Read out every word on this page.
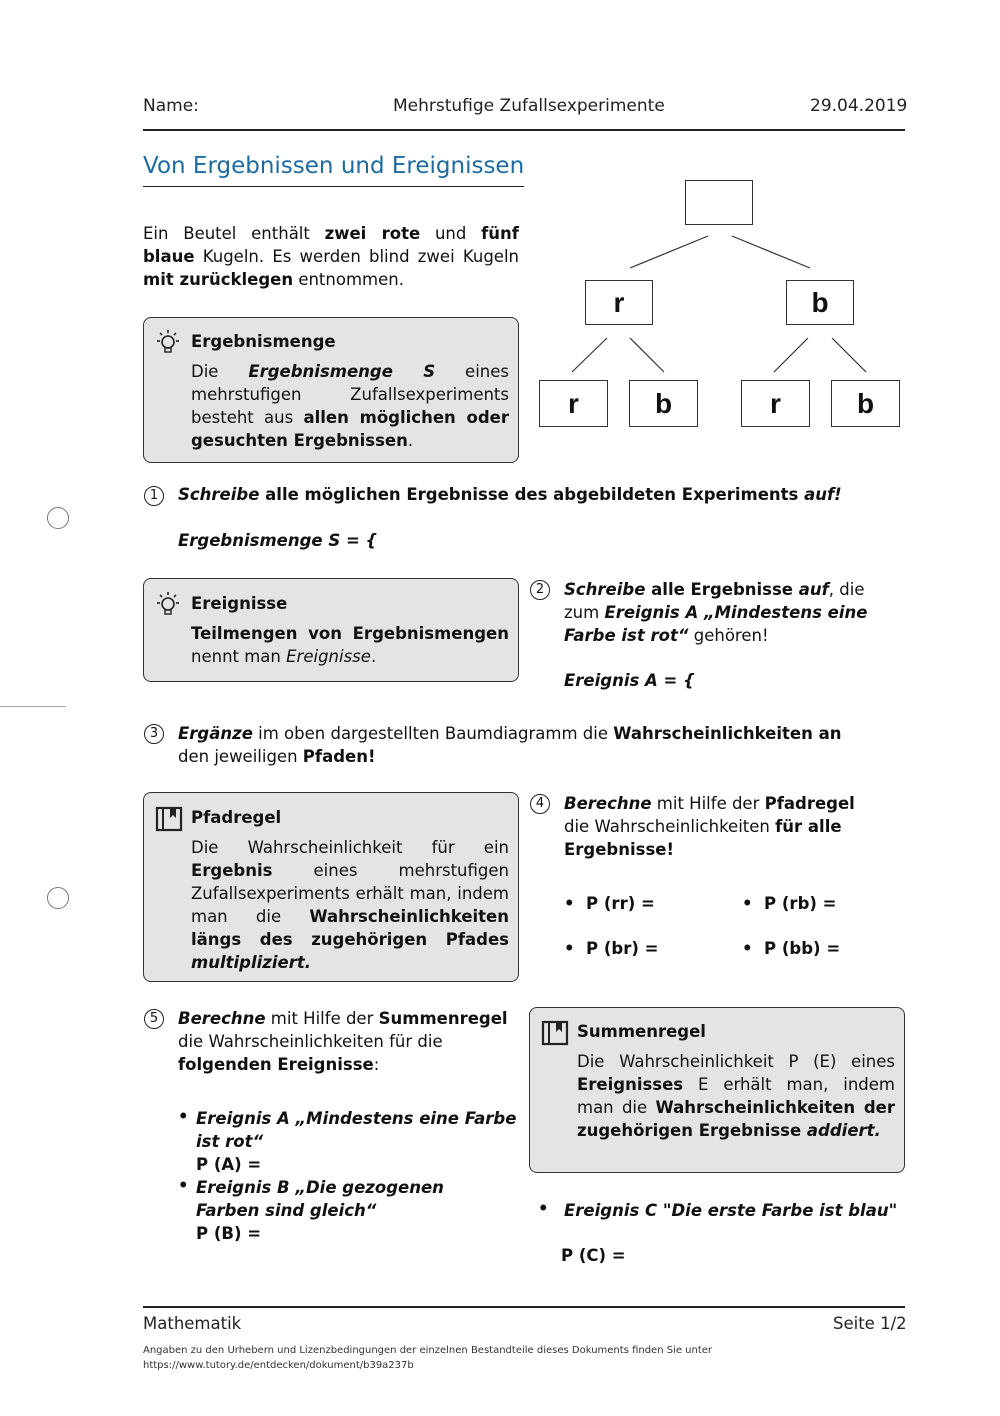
Name:	Mehrstufige Zufallsexperimente	29.04.2019
Von Ergebnissen und Ereignissen
Ein Beutel enthält zwei rote und fünf blaue Kugeln. Es werden blind zwei Kugeln mit zurücklegen entnommen.
r	b
r	b	r	b
Ergebnismenge
Die Ergebnismenge S eines mehrstufigen Zufallsexperiments besteht aus allen möglichen oder gesuchten Ergebnissen.
1	Schreibe alle möglichen Ergebnisse des abgebildeten Experiments auf!
Ergebnismenge S = {
Ereignisse
Teilmengen von Ergebnismengen nennt man Ereignisse.
2	Schreibe alle Ergebnisse auf, die zum Ereignis A „Mindestens eine Farbe ist rot“ gehören!
Ereignis A = {
3	Ergänze im oben dargestellten Baumdiagramm die Wahrscheinlichkeiten an den jeweiligen Pfaden!
Pfadregel
Die Wahrscheinlichkeit für ein Ergebnis eines mehrstufigen Zufallsexperiments erhält man, indem man die Wahrscheinlichkeiten längs des zugehörigen Pfades multipliziert.
4	Berechne mit Hilfe der Pfadregel die Wahrscheinlichkeiten für alle Ergebnisse!
•  P (rr) =	•  P (rb) =
•  P (br) =	•  P (bb) =
5	Berechne mit Hilfe der Summenregel die Wahrscheinlichkeiten für die folgenden Ereignisse:
• Ereignis A „Mindestens eine Farbe ist rot“
P (A) =
• Ereignis B „Die gezogenen Farben sind gleich“
P (B) =
Summenregel
Die Wahrscheinlichkeit P (E) eines Ereignisses E erhält man, indem man die Wahrscheinlichkeiten der zugehörigen Ergebnisse addiert.
• Ereignis C "Die erste Farbe ist blau"
P (C) =
Mathematik	Seite 1/2
Angaben zu den Urhebern und Lizenzbedingungen der einzelnen Bestandteile dieses Dokuments finden Sie unter
https://www.tutory.de/entdecken/dokument/b39a237b
